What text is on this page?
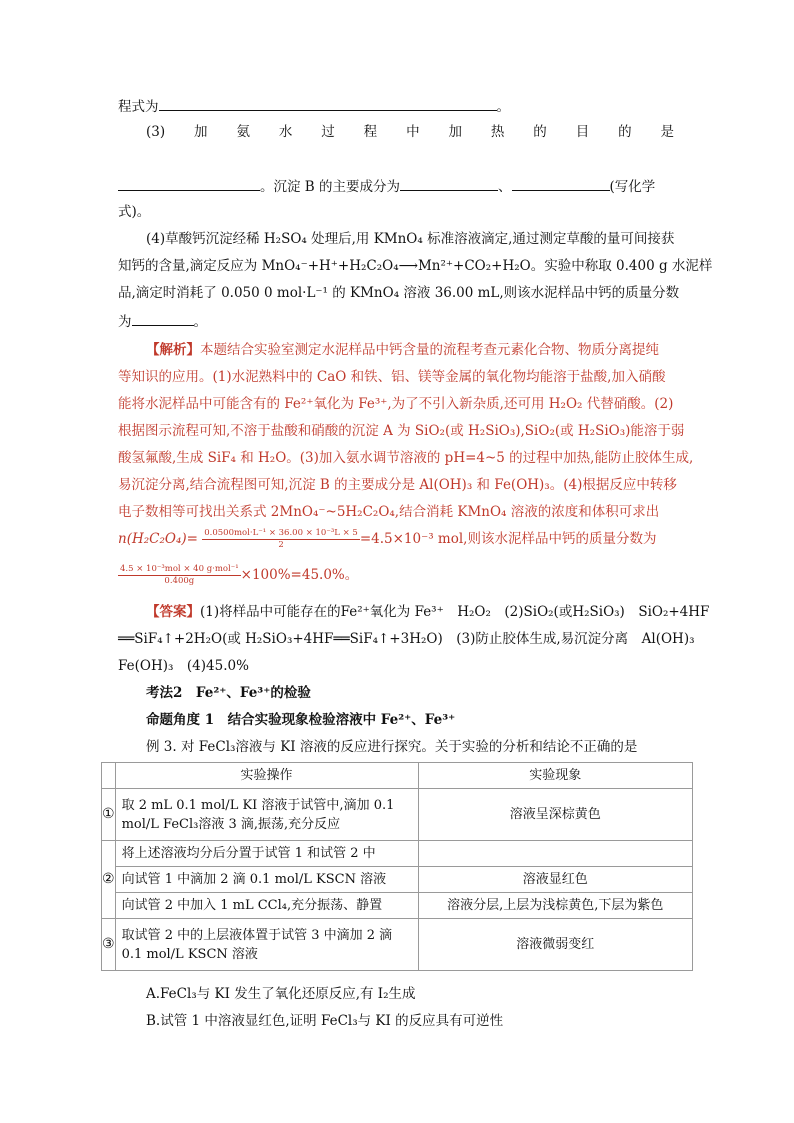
程式为	。
(3) 加 氨 水 过 程 中 加 热 的 目 的 是
。沉淀 B 的主要成分为	、	(写化学
式)。
(4)草酸钙沉淀经稀 H₂SO₄ 处理后,用 KMnO₄ 标准溶液滴定,通过测定草酸的量可间接获
知钙的含量,滴定反应为 MnO₄⁻+H⁺+H₂C₂O₄⟶Mn²⁺+CO₂+H₂O。实验中称取 0.400 g 水泥样
品,滴定时消耗了 0.050 0 mol·L⁻¹ 的 KMnO₄ 溶液 36.00 mL,则该水泥样品中钙的质量分数
为	。
【解析】本题结合实验室测定水泥样品中钙含量的流程考查元素化合物、物质分离提纯
等知识的应用。(1)水泥熟料中的 CaO 和铁、铝、镁等金属的氧化物均能溶于盐酸,加入硝酸
能将水泥样品中可能含有的 Fe²⁺氧化为 Fe³⁺,为了不引入新杂质,还可用 H₂O₂ 代替硝酸。(2)
根据图示流程可知,不溶于盐酸和硝酸的沉淀 A 为 SiO₂(或 H₂SiO₃),SiO₂(或 H₂SiO₃)能溶于弱
酸氢氟酸,生成 SiF₄ 和 H₂O。(3)加入氨水调节溶液的 pH=4~5 的过程中加热,能防止胶体生成,
易沉淀分离,结合流程图可知,沉淀 B 的主要成分是 Al(OH)₃ 和 Fe(OH)₃。(4)根据反应中转移
电子数相等可找出关系式 2MnO₄⁻~5H₂C₂O₄,结合消耗 KMnO₄ 溶液的浓度和体积可求出
n(H₂C₂O₄)= 0.0500mol·L⁻¹ × 36.00 × 10⁻³L × 5
2	=4.5×10⁻³ mol,则该水泥样品中钙的质量分数为
4.5 × 10⁻³mol × 40 g·mol⁻¹
0.400g	×100%=45.0%。
【答案】(1)将样品中可能存在的Fe²⁺氧化为 Fe³⁺　H₂O₂　(2)SiO₂(或H₂SiO₃)　SiO₂+4HF
══SiF₄↑+2H₂O(或 H₂SiO₃+4HF══SiF₄↑+3H₂O)　(3)防止胶体生成,易沉淀分离　Al(OH)₃
Fe(OH)₃　(4)45.0%
考法2　Fe²⁺、Fe³⁺的检验
命题角度 1　结合实验现象检验溶液中 Fe²⁺、Fe³⁺
例 3. 对 FeCl₃溶液与 KI 溶液的反应进行探究。关于实验的分析和结论不正确的是
	实验操作	实验现象
①	取 2 mL 0.1 mol/L KI 溶液于试管中,滴加 0.1 mol/L FeCl₃溶液 3 滴,振荡,充分反应	溶液呈深棕黄色
②	将上述溶液均分后分置于试管 1 和试管 2 中	
	向试管 1 中滴加 2 滴 0.1 mol/L KSCN 溶液	溶液显红色
	向试管 2 中加入 1 mL CCl₄,充分振荡、静置	溶液分层,上层为浅棕黄色,下层为紫色
③	取试管 2 中的上层液体置于试管 3 中滴加 2 滴 0.1 mol/L KSCN 溶液	溶液微弱变红
A.FeCl₃与 KI 发生了氧化还原反应,有 I₂生成
B.试管 1 中溶液显红色,证明 FeCl₃与 KI 的反应具有可逆性
